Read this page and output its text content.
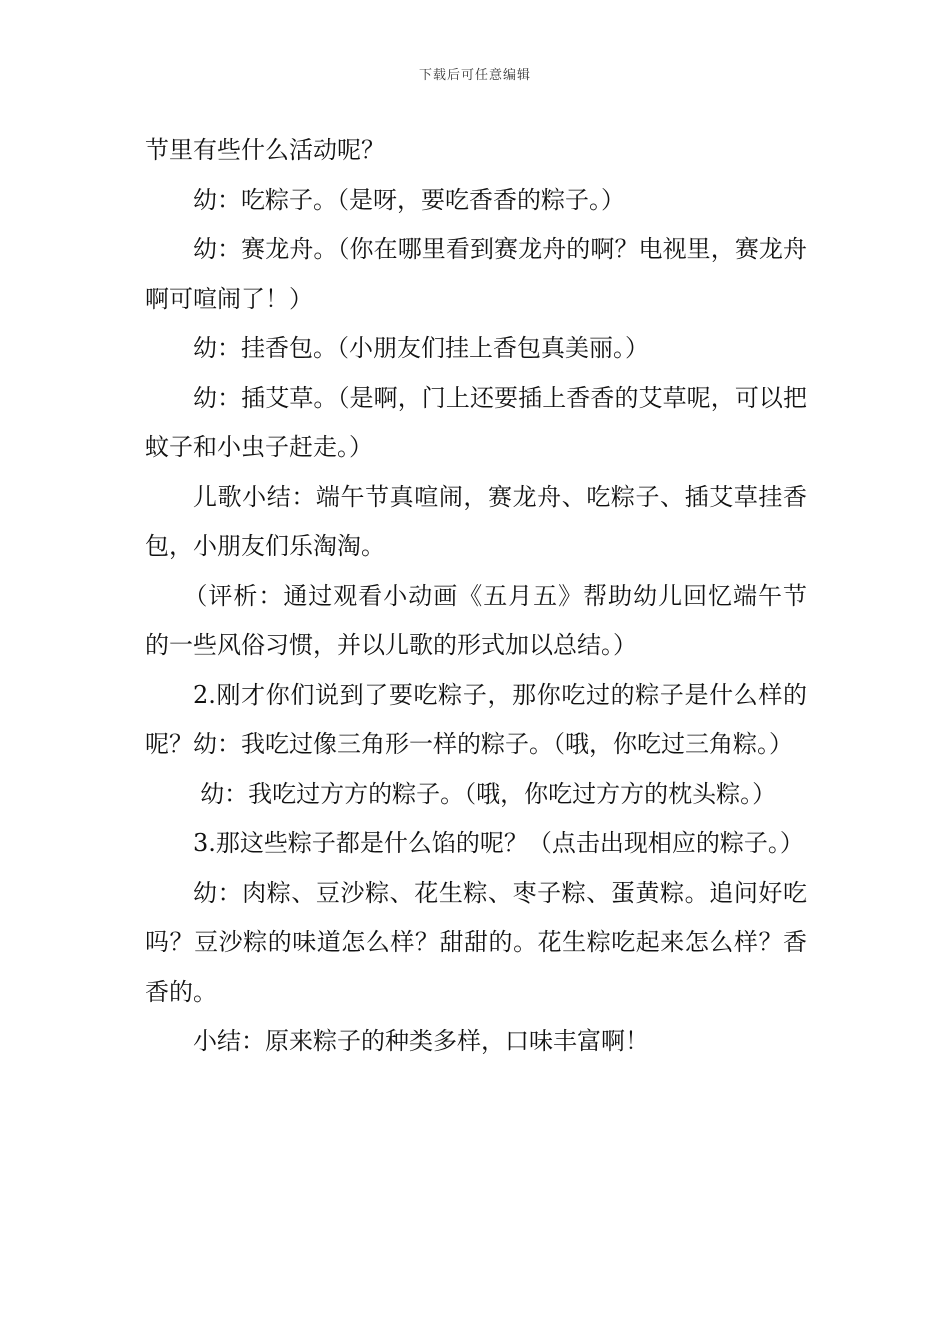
下载后可任意编辑

节里有些什么活动呢？

幼：吃粽子。（是呀，要吃香香的粽子。）

幼：赛龙舟。（你在哪里看到赛龙舟的啊？电视里，赛龙舟啊可喧闹了！）

幼：挂香包。（小朋友们挂上香包真美丽。）

幼：插艾草。（是啊，门上还要插上香香的艾草呢，可以把蚊子和小虫子赶走。）

儿歌小结：端午节真喧闹，赛龙舟、吃粽子、插艾草挂香包，小朋友们乐淘淘。

（评析：通过观看小动画《五月五》帮助幼儿回忆端午节的一些风俗习惯，并以儿歌的形式加以总结。）

2.刚才你们说到了要吃粽子，那你吃过的粽子是什么样的呢？幼：我吃过像三角形一样的粽子。（哦，你吃过三角粽。）

幼：我吃过方方的粽子。（哦，你吃过方方的枕头粽。）

3.那这些粽子都是什么馅的呢？（点击出现相应的粽子。）

幼：肉粽、豆沙粽、花生粽、枣子粽、蛋黄粽。追问好吃吗？豆沙粽的味道怎么样？甜甜的。花生粽吃起来怎么样？香香的。

小结：原来粽子的种类多样，口味丰富啊！
